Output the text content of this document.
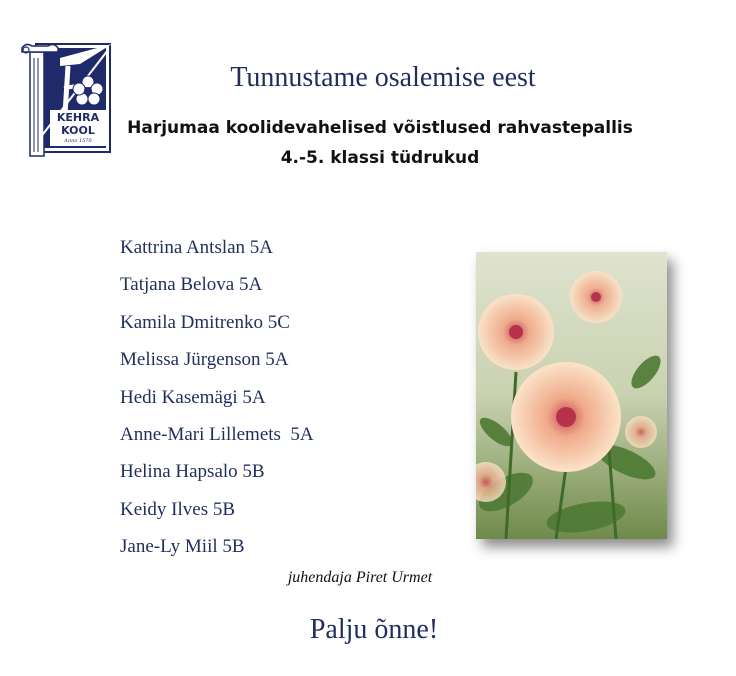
KEHRA
KOOL
Anno 1570
Tunnustame osalemise eest
Harjumaa koolidevahelised võistlused rahvastepallis
4.-5. klassi tüdrukud
Kattrina Antslan 5A
Tatjana Belova 5A
Kamila Dmitrenko 5C
Melissa Jürgenson 5A
Hedi Kasemägi 5A
Anne-Mari Lillemets  5A
Helina Hapsalo 5B
Keidy Ilves 5B
Jane-Ly Miil 5B
juhendaja Piret Urmet
Palju õnne!
